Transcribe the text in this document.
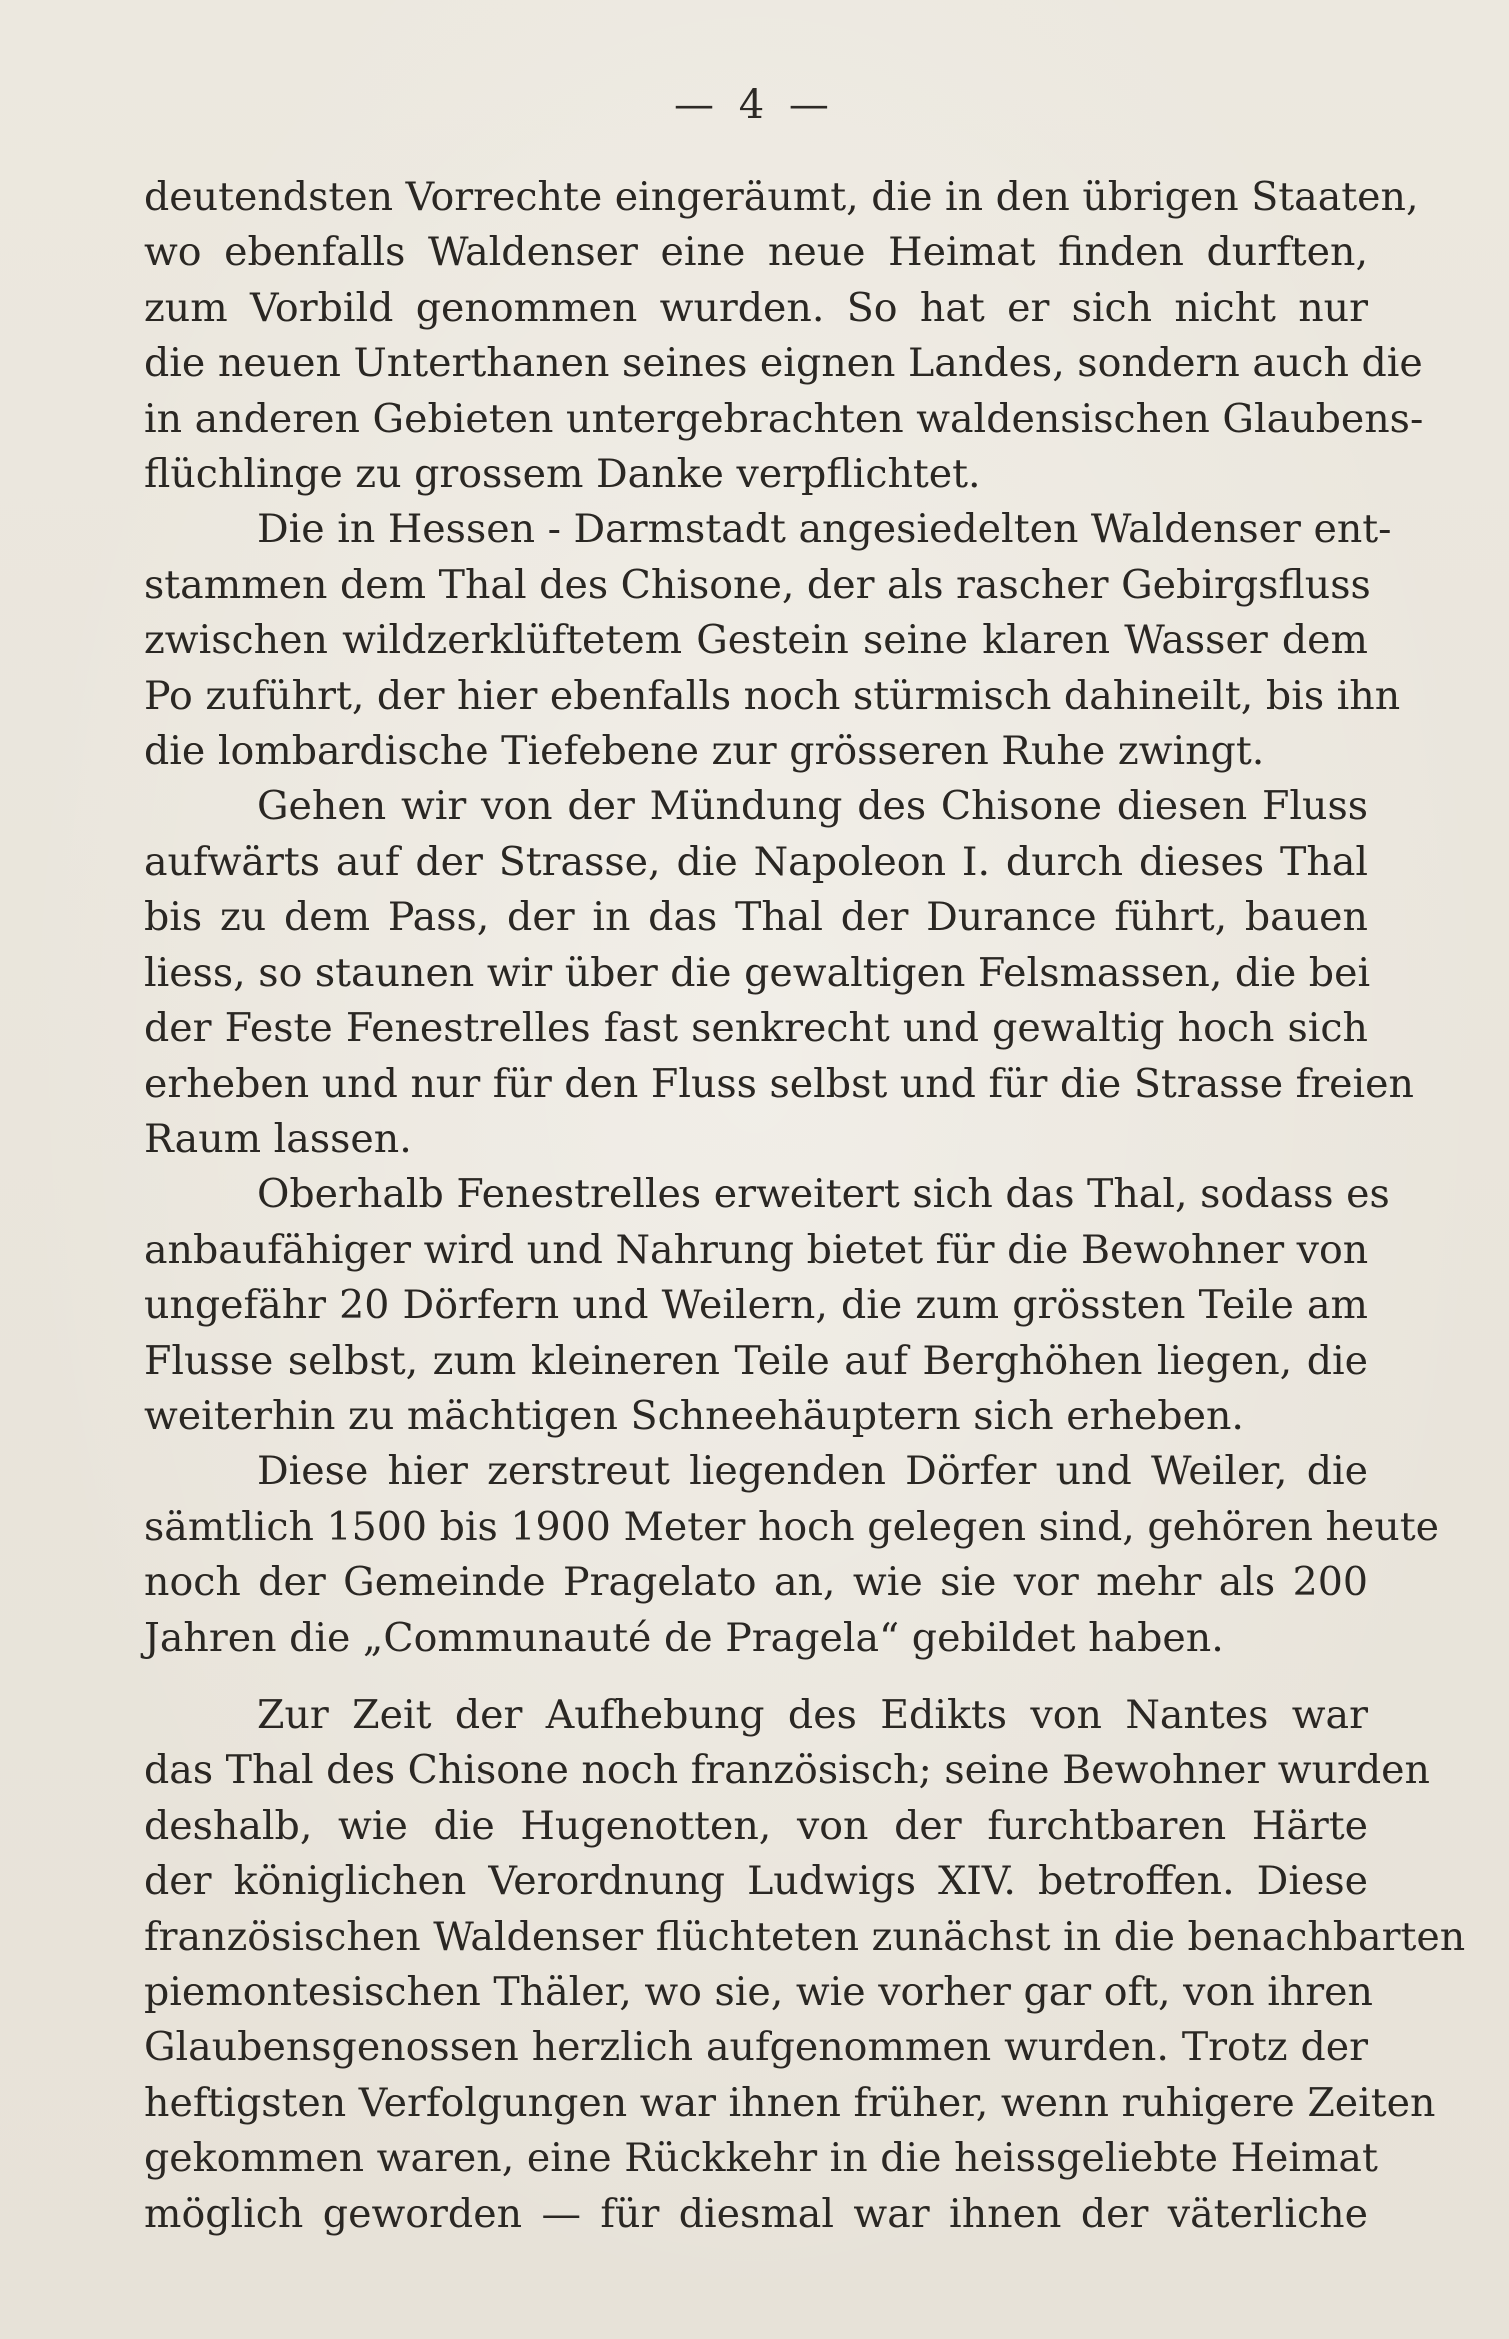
— 4 —
deutendsten Vorrechte eingeräumt, die in den übrigen Staaten,
wo ebenfalls Waldenser eine neue Heimat finden durften,
zum Vorbild genommen wurden. So hat er sich nicht nur
die neuen Unterthanen seines eignen Landes, sondern auch die
in anderen Gebieten untergebrachten waldensischen Glaubens-
flüchlinge zu grossem Danke verpflichtet.
Die in Hessen - Darmstadt angesiedelten Waldenser ent-
stammen dem Thal des Chisone, der als rascher Gebirgsfluss
zwischen wildzerklüftetem Gestein seine klaren Wasser dem
Po zuführt, der hier ebenfalls noch stürmisch dahineilt, bis ihn
die lombardische Tiefebene zur grösseren Ruhe zwingt.
Gehen wir von der Mündung des Chisone diesen Fluss
aufwärts auf der Strasse, die Napoleon I. durch dieses Thal
bis zu dem Pass, der in das Thal der Durance führt, bauen
liess, so staunen wir über die gewaltigen Felsmassen, die bei
der Feste Fenestrelles fast senkrecht und gewaltig hoch sich
erheben und nur für den Fluss selbst und für die Strasse freien
Raum lassen.
Oberhalb Fenestrelles erweitert sich das Thal, sodass es
anbaufähiger wird und Nahrung bietet für die Bewohner von
ungefähr 20 Dörfern und Weilern, die zum grössten Teile am
Flusse selbst, zum kleineren Teile auf Berghöhen liegen, die
weiterhin zu mächtigen Schneehäuptern sich erheben.
Diese hier zerstreut liegenden Dörfer und Weiler, die
sämtlich 1500 bis 1900 Meter hoch gelegen sind, gehören heute
noch der Gemeinde Pragelato an, wie sie vor mehr als 200
Jahren die „Communauté de Pragela“ gebildet haben.
Zur Zeit der Aufhebung des Edikts von Nantes war
das Thal des Chisone noch französisch; seine Bewohner wurden
deshalb, wie die Hugenotten, von der furchtbaren Härte
der königlichen Verordnung Ludwigs XIV. betroffen. Diese
französischen Waldenser flüchteten zunächst in die benachbarten
piemontesischen Thäler, wo sie, wie vorher gar oft, von ihren
Glaubensgenossen herzlich aufgenommen wurden. Trotz der
heftigsten Verfolgungen war ihnen früher, wenn ruhigere Zeiten
gekommen waren, eine Rückkehr in die heissgeliebte Heimat
möglich geworden — für diesmal war ihnen der väterliche
